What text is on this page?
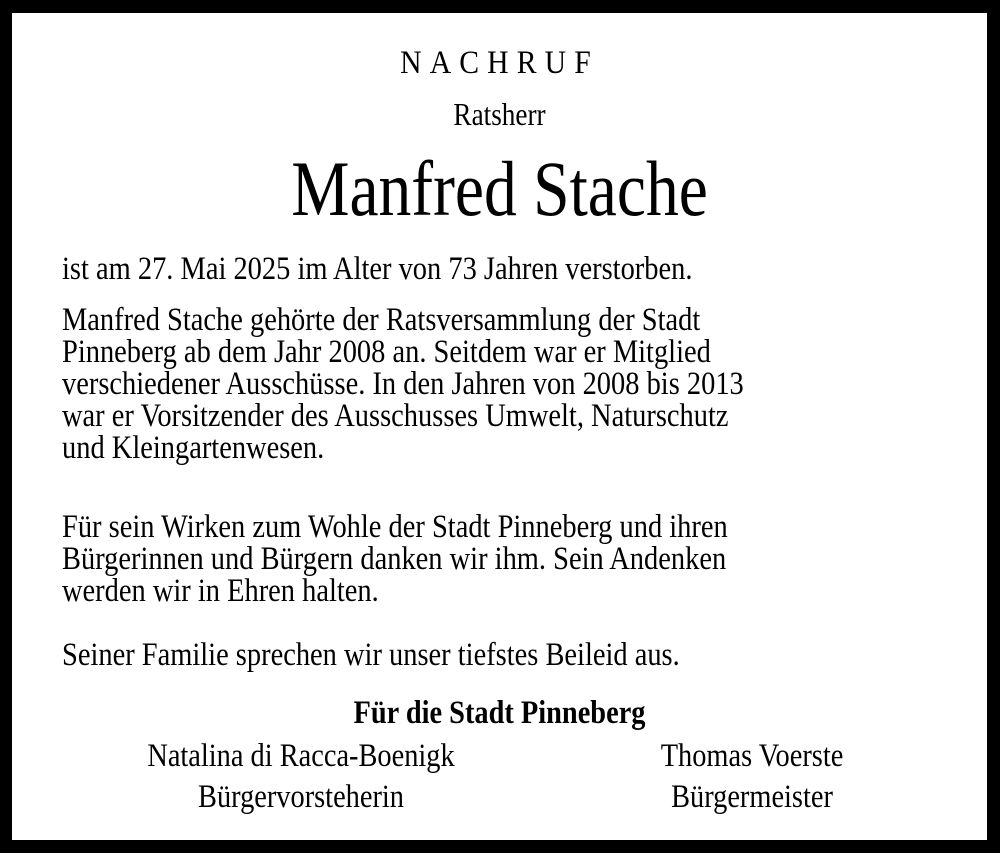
NACHRUF
Ratsherr
Manfred Stache
ist am 27. Mai 2025 im Alter von 73 Jahren verstorben.
Manfred Stache gehörte der Ratsversammlung der Stadt
Pinneberg ab dem Jahr 2008 an. Seitdem war er Mitglied
verschiedener Ausschüsse. In den Jahren von 2008 bis 2013
war er Vorsitzender des Ausschusses Umwelt, Naturschutz
und Kleingartenwesen.
Für sein Wirken zum Wohle der Stadt Pinneberg und ihren
Bürgerinnen und Bürgern danken wir ihm. Sein Andenken
werden wir in Ehren halten.
Seiner Familie sprechen wir unser tiefstes Beileid aus.
Für die Stadt Pinneberg
Natalina di Racca-Boenigk
Bürgervorsteherin
Thomas Voerste
Bürgermeister
